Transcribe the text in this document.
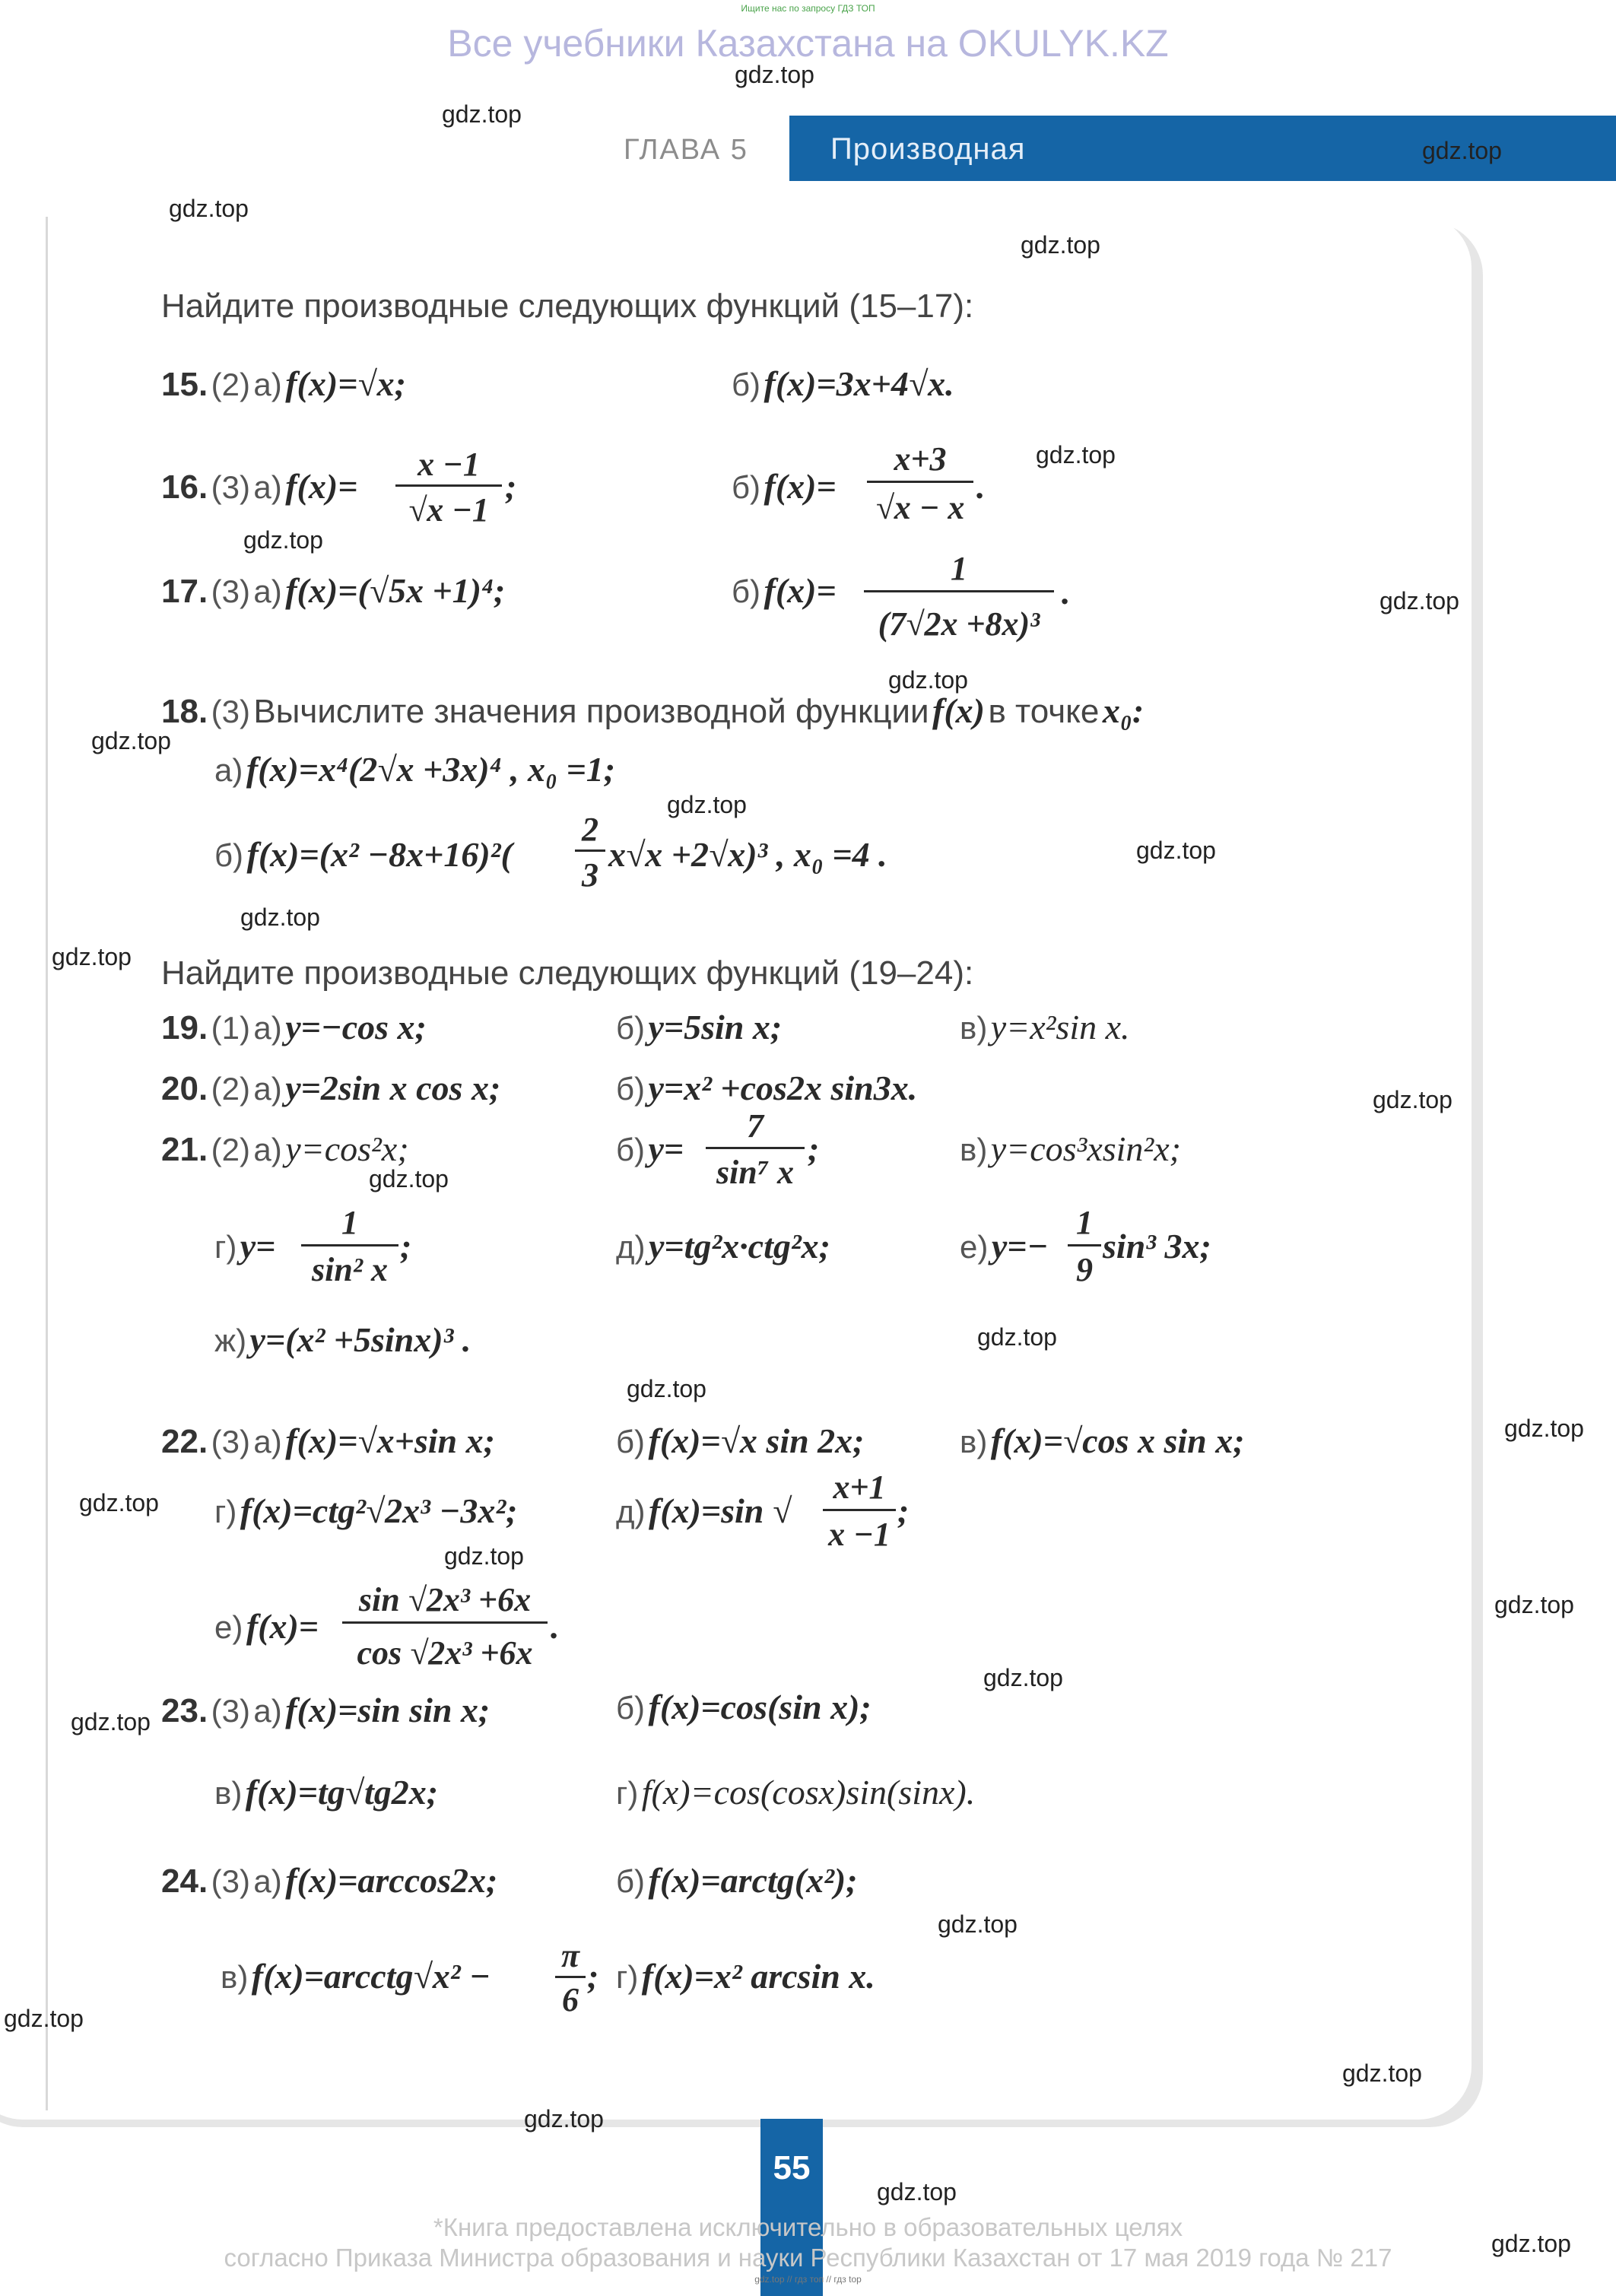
Ищите нас по запросу ГДЗ ТОП
Все учебники Казахстана на OKULYK.KZ
ГЛАВА 5	Производная
Найдите производные следующих функций (15–17):
15. (2) а) f(x)=√x;	б) f(x)=3x+4√x.
16. (3) а) f(x)=
x −1
√x −1
;	б) f(x)=
x+3
√x − x
.
17. (3) а) f(x)=(√5x +1)⁴;	б) f(x)=
1
(7√2x +8x)³
.
18. (3) Вычислите значения производной функции f(x) в точке x₀:
а) f(x)=x⁴(2√x +3x)⁴ , x₀ =1;
б) f(x)=(x² −8x+16)²(
2
3
x√x +2√x)³ , x₀ =4 .
Найдите производные следующих функций (19–24):
19. (1) а) y=−cos x;	б) y=5sin x;	в) y=x²sin x.
20. (2) а) y=2sin x cos x;	б) y=x² +cos2x sin3x.
21. (2) а) y=cos²x;	б) y=
7
sin⁷ x
;	в) y=cos³xsin²x;
г) y=
1
sin² x
;	д) y=tg²x·ctg²x;	е) y=−
1
9
sin³ 3x;
ж) y=(x² +5sinx)³ .
22. (3) а) f(x)=√x+sin x;	б) f(x)=√x sin 2x;	в) f(x)=√cos x sin x;
г) f(x)=ctg²√2x³ −3x²;	д) f(x)=sin √
x+1
x −1
;
е) f(x)=
sin √2x³ +6x
cos √2x³ +6x
.
23. (3) а) f(x)=sin sin x;	б) f(x)=cos(sin x);
в) f(x)=tg√tg2x;	г) f(x)=cos(cosx)sin(sinx).
24. (3) а) f(x)=arccos2x;	б) f(x)=arctg(x²);
в) f(x)=arcctg√x² −
π
6
; г) f(x)=x² arcsin x.
55
*Книга предоставлена исключительно в образовательных целях
согласно Приказа Министра образования и науки Республики Казахстан от 17 мая 2019 года № 217
gdz.top // гдз топ // гдз top
gdz.top
gdz.top
gdz.top
gdz.top
gdz.top
gdz.top
gdz.top
gdz.top
gdz.top
gdz.top
gdz.top
gdz.top
gdz.top
gdz.top
gdz.top
gdz.top
gdz.top
gdz.top
gdz.top
gdz.top
gdz.top
gdz.top
gdz.top
gdz.top
gdz.top
gdz.top
gdz.top
gdz.top
gdz.top
gdz.top
